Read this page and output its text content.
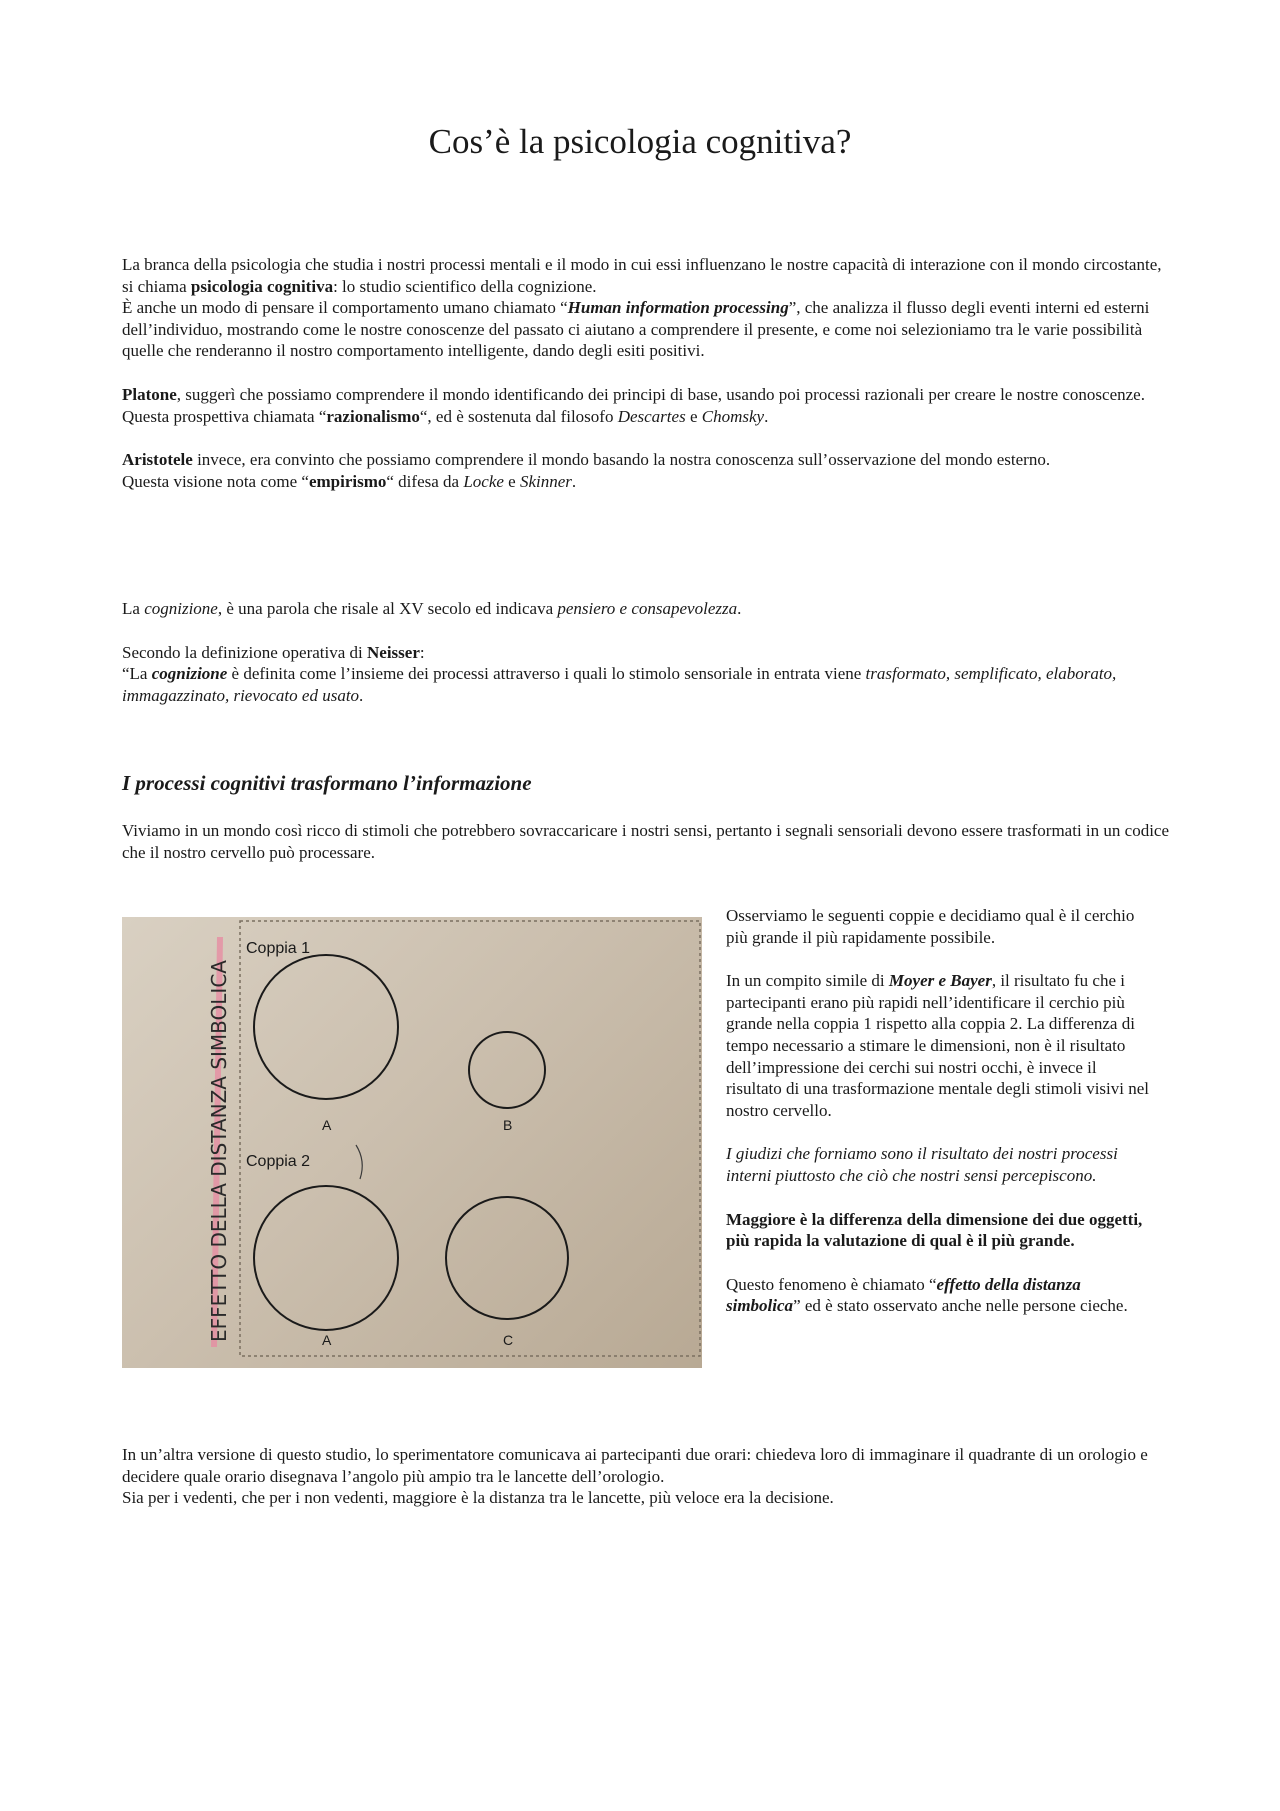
Cos’è la psicologia cognitiva?

La branca della psicologia che studia i nostri processi mentali e il modo in cui essi influenzano le nostre capacità di interazione con il mondo circostante, si chiama psicologia cognitiva: lo studio scientifico della cognizione.

È anche un modo di pensare il comportamento umano chiamato “Human information processing”, che analizza il flusso degli eventi interni ed esterni dell’individuo, mostrando come le nostre conoscenze del passato ci aiutano a comprendere il presente, e come noi selezioniamo tra le varie possibilità quelle che renderanno il nostro comportamento intelligente, dando degli esiti positivi.

Platone, suggerì che possiamo comprendere il mondo identificando dei principi di base, usando poi processi razionali per creare le nostre conoscenze.

Questa prospettiva chiamata “razionalismo“, ed è sostenuta dal filosofo Descartes e Chomsky.

Aristotele invece, era convinto che possiamo comprendere il mondo basando la nostra conoscenza sull’osservazione del mondo esterno.

Questa visione nota come “empirismo“ difesa da Locke e Skinner.

La cognizione, è una parola che risale al XV secolo ed indicava pensiero e consapevolezza.

Secondo la definizione operativa di Neisser:

“La cognizione è definita come l’insieme dei processi attraverso i quali lo stimolo sensoriale in entrata viene trasformato, semplificato, elaborato, immagazzinato, rievocato ed usato.

I processi cognitivi trasformano l’informazione

Viviamo in un mondo così ricco di stimoli che potrebbero sovraccaricare i nostri sensi, pertanto i segnali sensoriali devono essere trasformati in un codice che il nostro cervello può processare.

EFFETTO DELLA DISTANZA SIMBOLICA
Coppia 1
A	B
Coppia 2
A	C

Osserviamo le seguenti coppie e decidiamo qual è il cerchio più grande il più rapidamente possibile.

In un compito simile di Moyer e Bayer, il risultato fu che i partecipanti erano più rapidi nell’identificare il cerchio più grande nella coppia 1 rispetto alla coppia 2. La differenza di tempo necessario a stimare le dimensioni, non è il risultato dell’impressione dei cerchi sui nostri occhi, è invece il risultato di una trasformazione mentale degli stimoli visivi nel nostro cervello.

I giudizi che forniamo sono il risultato dei nostri processi interni piuttosto che ciò che nostri sensi percepiscono.

Maggiore è la differenza della dimensione dei due oggetti, più rapida la valutazione di qual è il più grande.

Questo fenomeno è chiamato “effetto della distanza simbolica” ed è stato osservato anche nelle persone cieche.

In un’altra versione di questo studio, lo sperimentatore comunicava ai partecipanti due orari: chiedeva loro di immaginare il quadrante di un orologio e decidere quale orario disegnava l’angolo più ampio tra le lancette dell’orologio.

Sia per i vedenti, che per i non vedenti, maggiore è la distanza tra le lancette, più veloce era la decisione.
